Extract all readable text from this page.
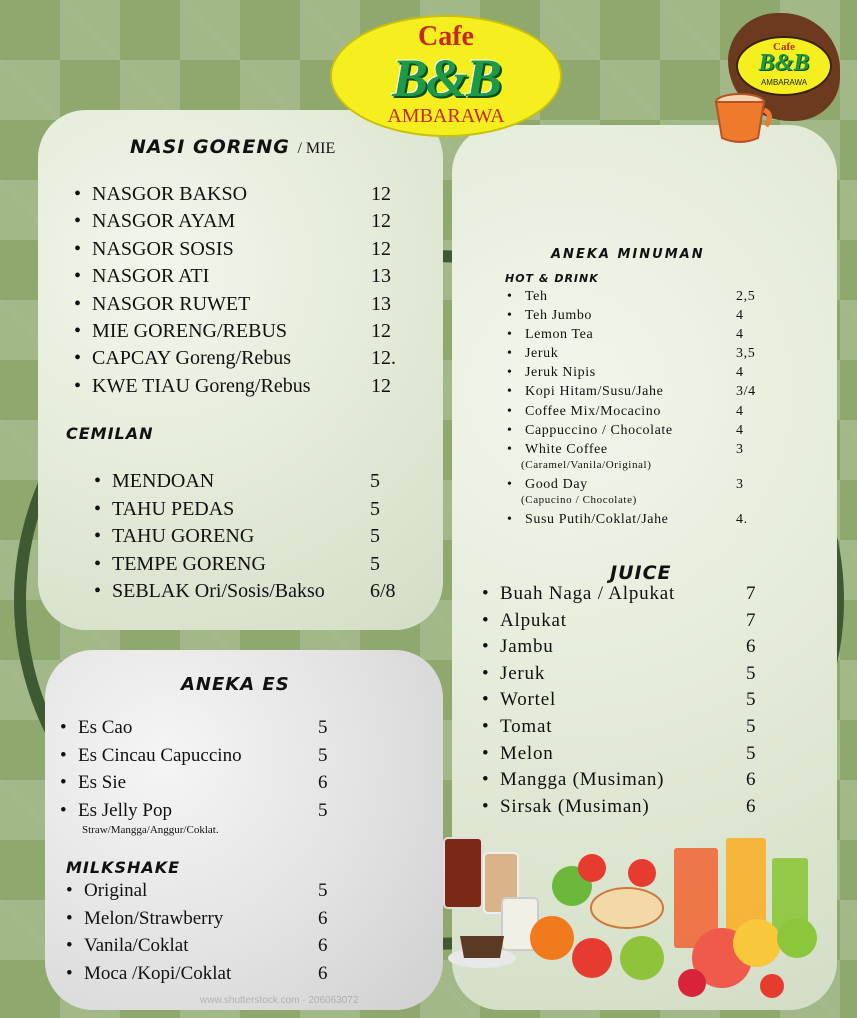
Cafe
B&B
AMBARAWA
Cafe
B&B
AMBARAWA
NASI GORENG / MIE
• NASGOR BAKSO	12
• NASGOR AYAM	12
• NASGOR SOSIS	12
• NASGOR ATI	13
• NASGOR RUWET	13
• MIE GORENG/REBUS	12
• CAPCAY Goreng/Rebus	12.
• KWE TIAU Goreng/Rebus	12
CEMILAN
• MENDOAN	5
• TAHU PEDAS	5
• TAHU GORENG	5
• TEMPE GORENG	5
• SEBLAK Ori/Sosis/Bakso 6/8
ANEKA ES
• Es Cao	5
• Es Cincau Capuccino	5
• Es Sie	6
• Es Jelly Pop	5
Straw/Mangga/Anggur/Coklat.
MILKSHAKE
• Original	5
• Melon/Strawberry	6
• Vanila/Coklat	6
• Moca /Kopi/Coklat	6
ANEKA MINUMAN
HOT & DRINK
• Teh	2,5
• Teh Jumbo	4
• Lemon Tea	4
• Jeruk	3,5
• Jeruk Nipis	4
• Kopi Hitam/Susu/Jahe	3/4
• Coffee Mix/Mocacino	4
• Cappuccino / Chocolate	4
• White Coffee	3
(Caramel/Vanila/Original)
• Good Day	3
(Capucino / Chocolate)
• Susu Putih/Coklat/Jahe	4.
JUICE
• Buah Naga / Alpukat	7
• Alpukat	7
• Jambu	6
• Jeruk	5
• Wortel	5
• Tomat	5
• Melon	5
• Mangga (Musiman)	6
• Sirsak (Musiman)	6
www.shutterstock.com · 206063072
